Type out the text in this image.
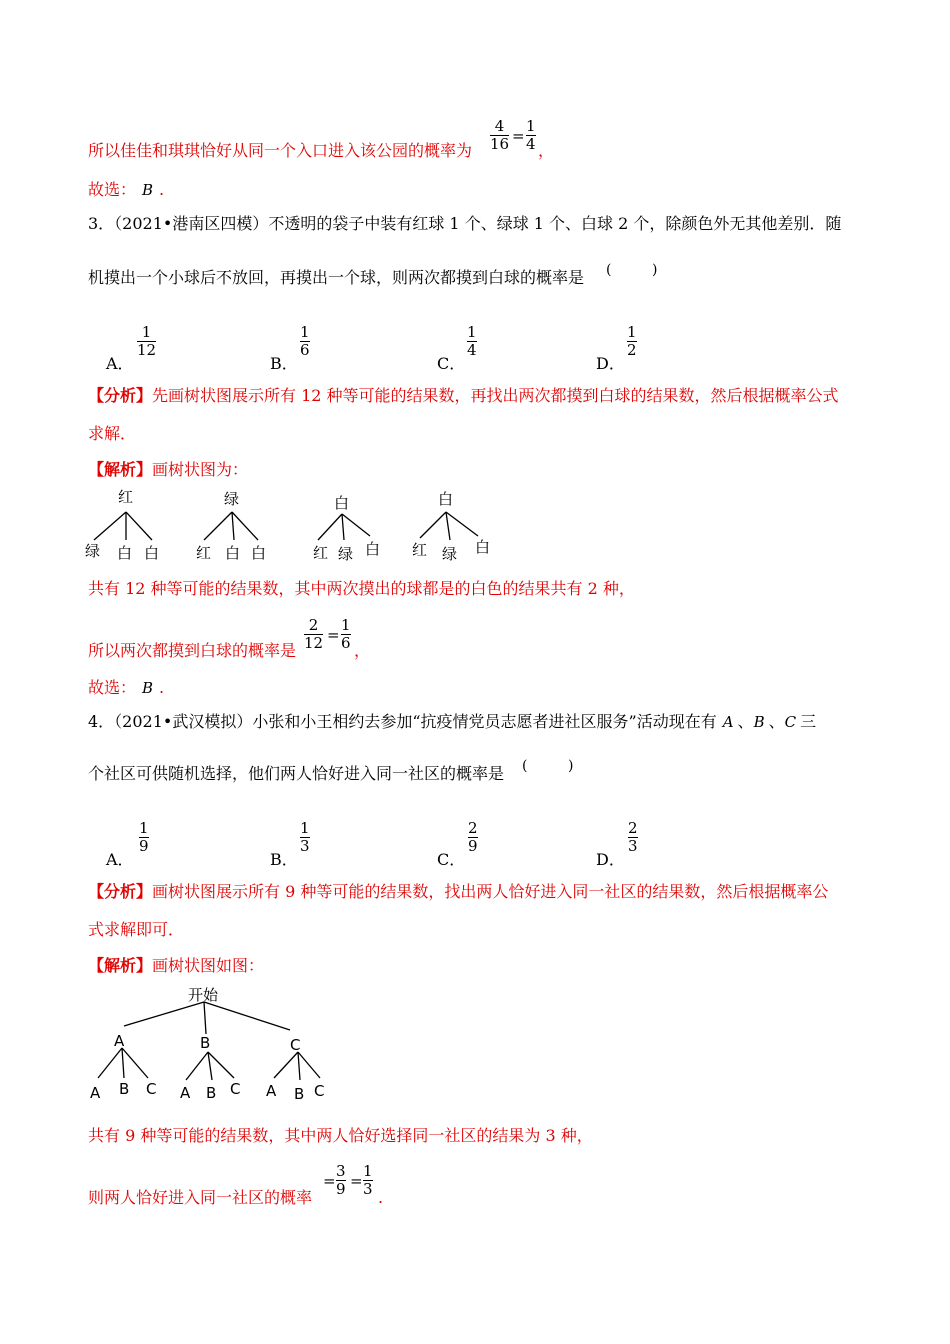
所以佳佳和琪琪恰好从同一个入口进入该公园的概率为 $\frac{4}{16} = \frac{1}{4}$ ，
故选： B .
3．（2021•港南区四模）不透明的袋子中装有红球 1 个、绿球 1 个、白球 2 个，除颜色外无其他差别．随
机摸出一个小球后不放回，再摸出一个球，则两次都摸到白球的概率是 (	)
A．
$\frac{1}{12}$
B．
$\frac{1}{6}$
C．
$\frac{1}{4}$
D．
$\frac{1}{2}$
【分析】先画树状图展示所有 12 种等可能的结果数，再找出两次都摸到白球的结果数，然后根据概率公式
求解．
【解析】画树状图为：
红
绿 白 白
绿
红 白 白
白
红 绿 白
白
红 绿 白
共有 12 种等可能的结果数，其中两次摸出的球都是的白色的结果共有 2 种，
所以两次都摸到白球的概率是 $\frac{2}{12} = \frac{1}{6}$ ，
故选： B .
4．（2021•武汉模拟）小张和小王相约去参加“抗疫情党员志愿者进社区服务”活动现在有 A 、B 、C 三
个社区可供随机选择，他们两人恰好进入同一社区的概率是 (	)
A．
$\frac{1}{9}$
B．
$\frac{1}{3}$
C．
$\frac{2}{9}$
D．
$\frac{2}{3}$
【分析】画树状图展示所有 9 种等可能的结果数，找出两人恰好进入同一社区的结果数，然后根据概率公
式求解即可．
【解析】画树状图如图：
开始
A	B	C
A B C A B C A B C
共有 9 种等可能的结果数，其中两人恰好选择同一社区的结果为 3 种，
则两人恰好进入同一社区的概率
= $\frac{3}{9} = \frac{1}{3}$ .
